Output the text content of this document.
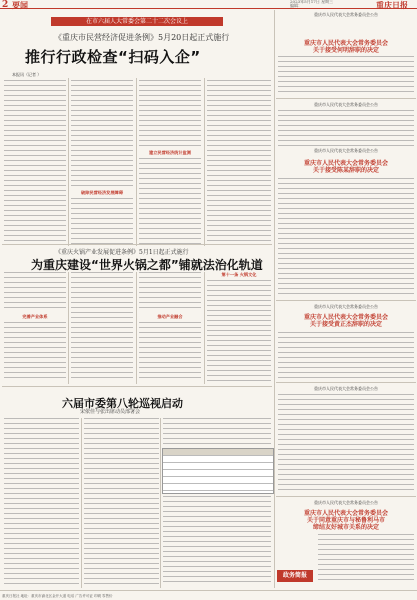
2 要闻	2023年5月17日 星期三
编辑：	重庆日报
在市六届人大常委会第二十二次会议上
《重庆市民营经济促进条例》5月20日起正式施行
推行行政检查“扫码入企”
本报讯（记者 ）
破除民营经济发展障碍
建立民营经济统计监测
《重庆火锅产业发展促进条例》5月1日起正式施行
为重庆建设“世界火锅之都”铺就法治化轨道
完善产业体系	推动产业融合
第十一条 火锅文化
六届市委第八轮巡视启动
宋依佳与张出席动员部署会
重庆市人民代表大会常务委员会公告
重庆市人民代表大会常务委员会
关于接受何明辞职的决定
重庆市人民代表大会常务委员会公告
重庆市人民代表大会常务委员会公告
重庆市人民代表大会常务委员会
关于接受陈某辞职的决定
重庆市人民代表大会常务委员会公告
重庆市人民代表大会常务委员会
关于接受黄正杰辞职的决定
重庆市人民代表大会常务委员会公告
重庆市人民代表大会常务委员会公告
重庆市人民代表大会常务委员会
关于同意重庆市与秘鲁利马市
缔结友好城市关系的决定
政务简报
重庆日报社 地址：重庆市渝北区金开大道 电话 广告许可证 印刷 零售价
